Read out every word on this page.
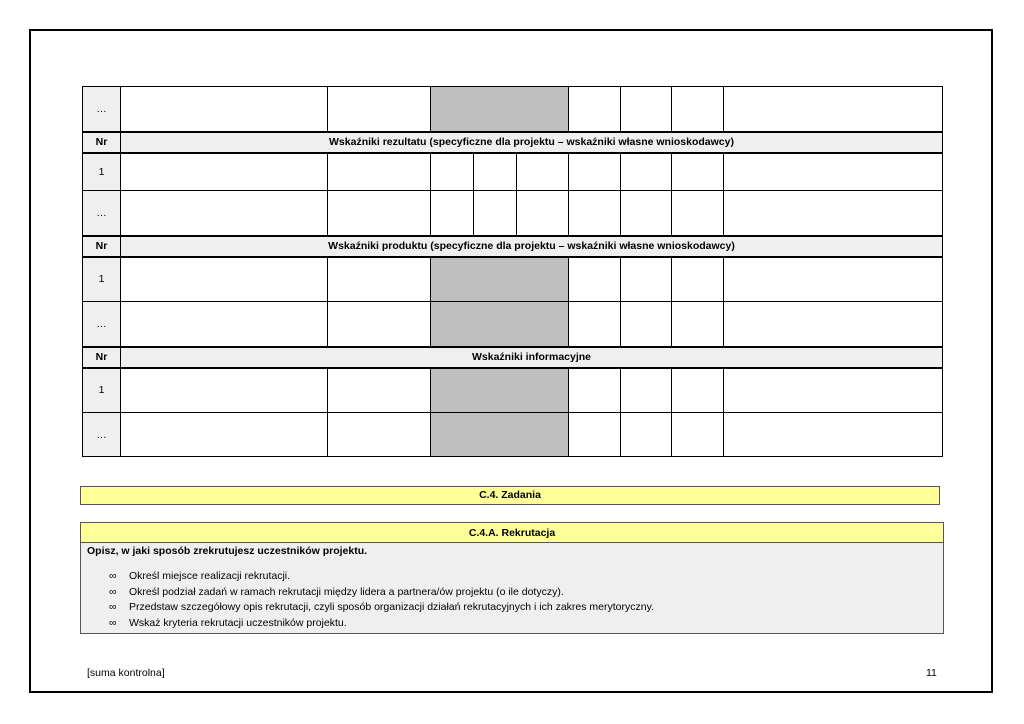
…									
Nr	Wskaźniki rezultatu (specyficzne dla projektu – wskaźniki własne wnioskodawcy)								
1									
…									
Nr	Wskaźniki produktu (specyficzne dla projektu – wskaźniki własne wnioskodawcy)								
1									
…									
Nr	Wskaźniki informacyjne								
1									
…									
C.4. Zadania
C.4.A. Rekrutacja
Opisz, w jaki sposób zrekrutujesz uczestników projektu.
∞ Określ miejsce realizacji rekrutacji.
∞ Określ podział zadań w ramach rekrutacji między lidera a partnera/ów projektu (o ile dotyczy).
∞ Przedstaw szczegółowy opis rekrutacji, czyli sposób organizacji działań rekrutacyjnych i ich zakres merytoryczny.
∞ Wskaż kryteria rekrutacji uczestników projektu.
[suma kontrolna]	11
